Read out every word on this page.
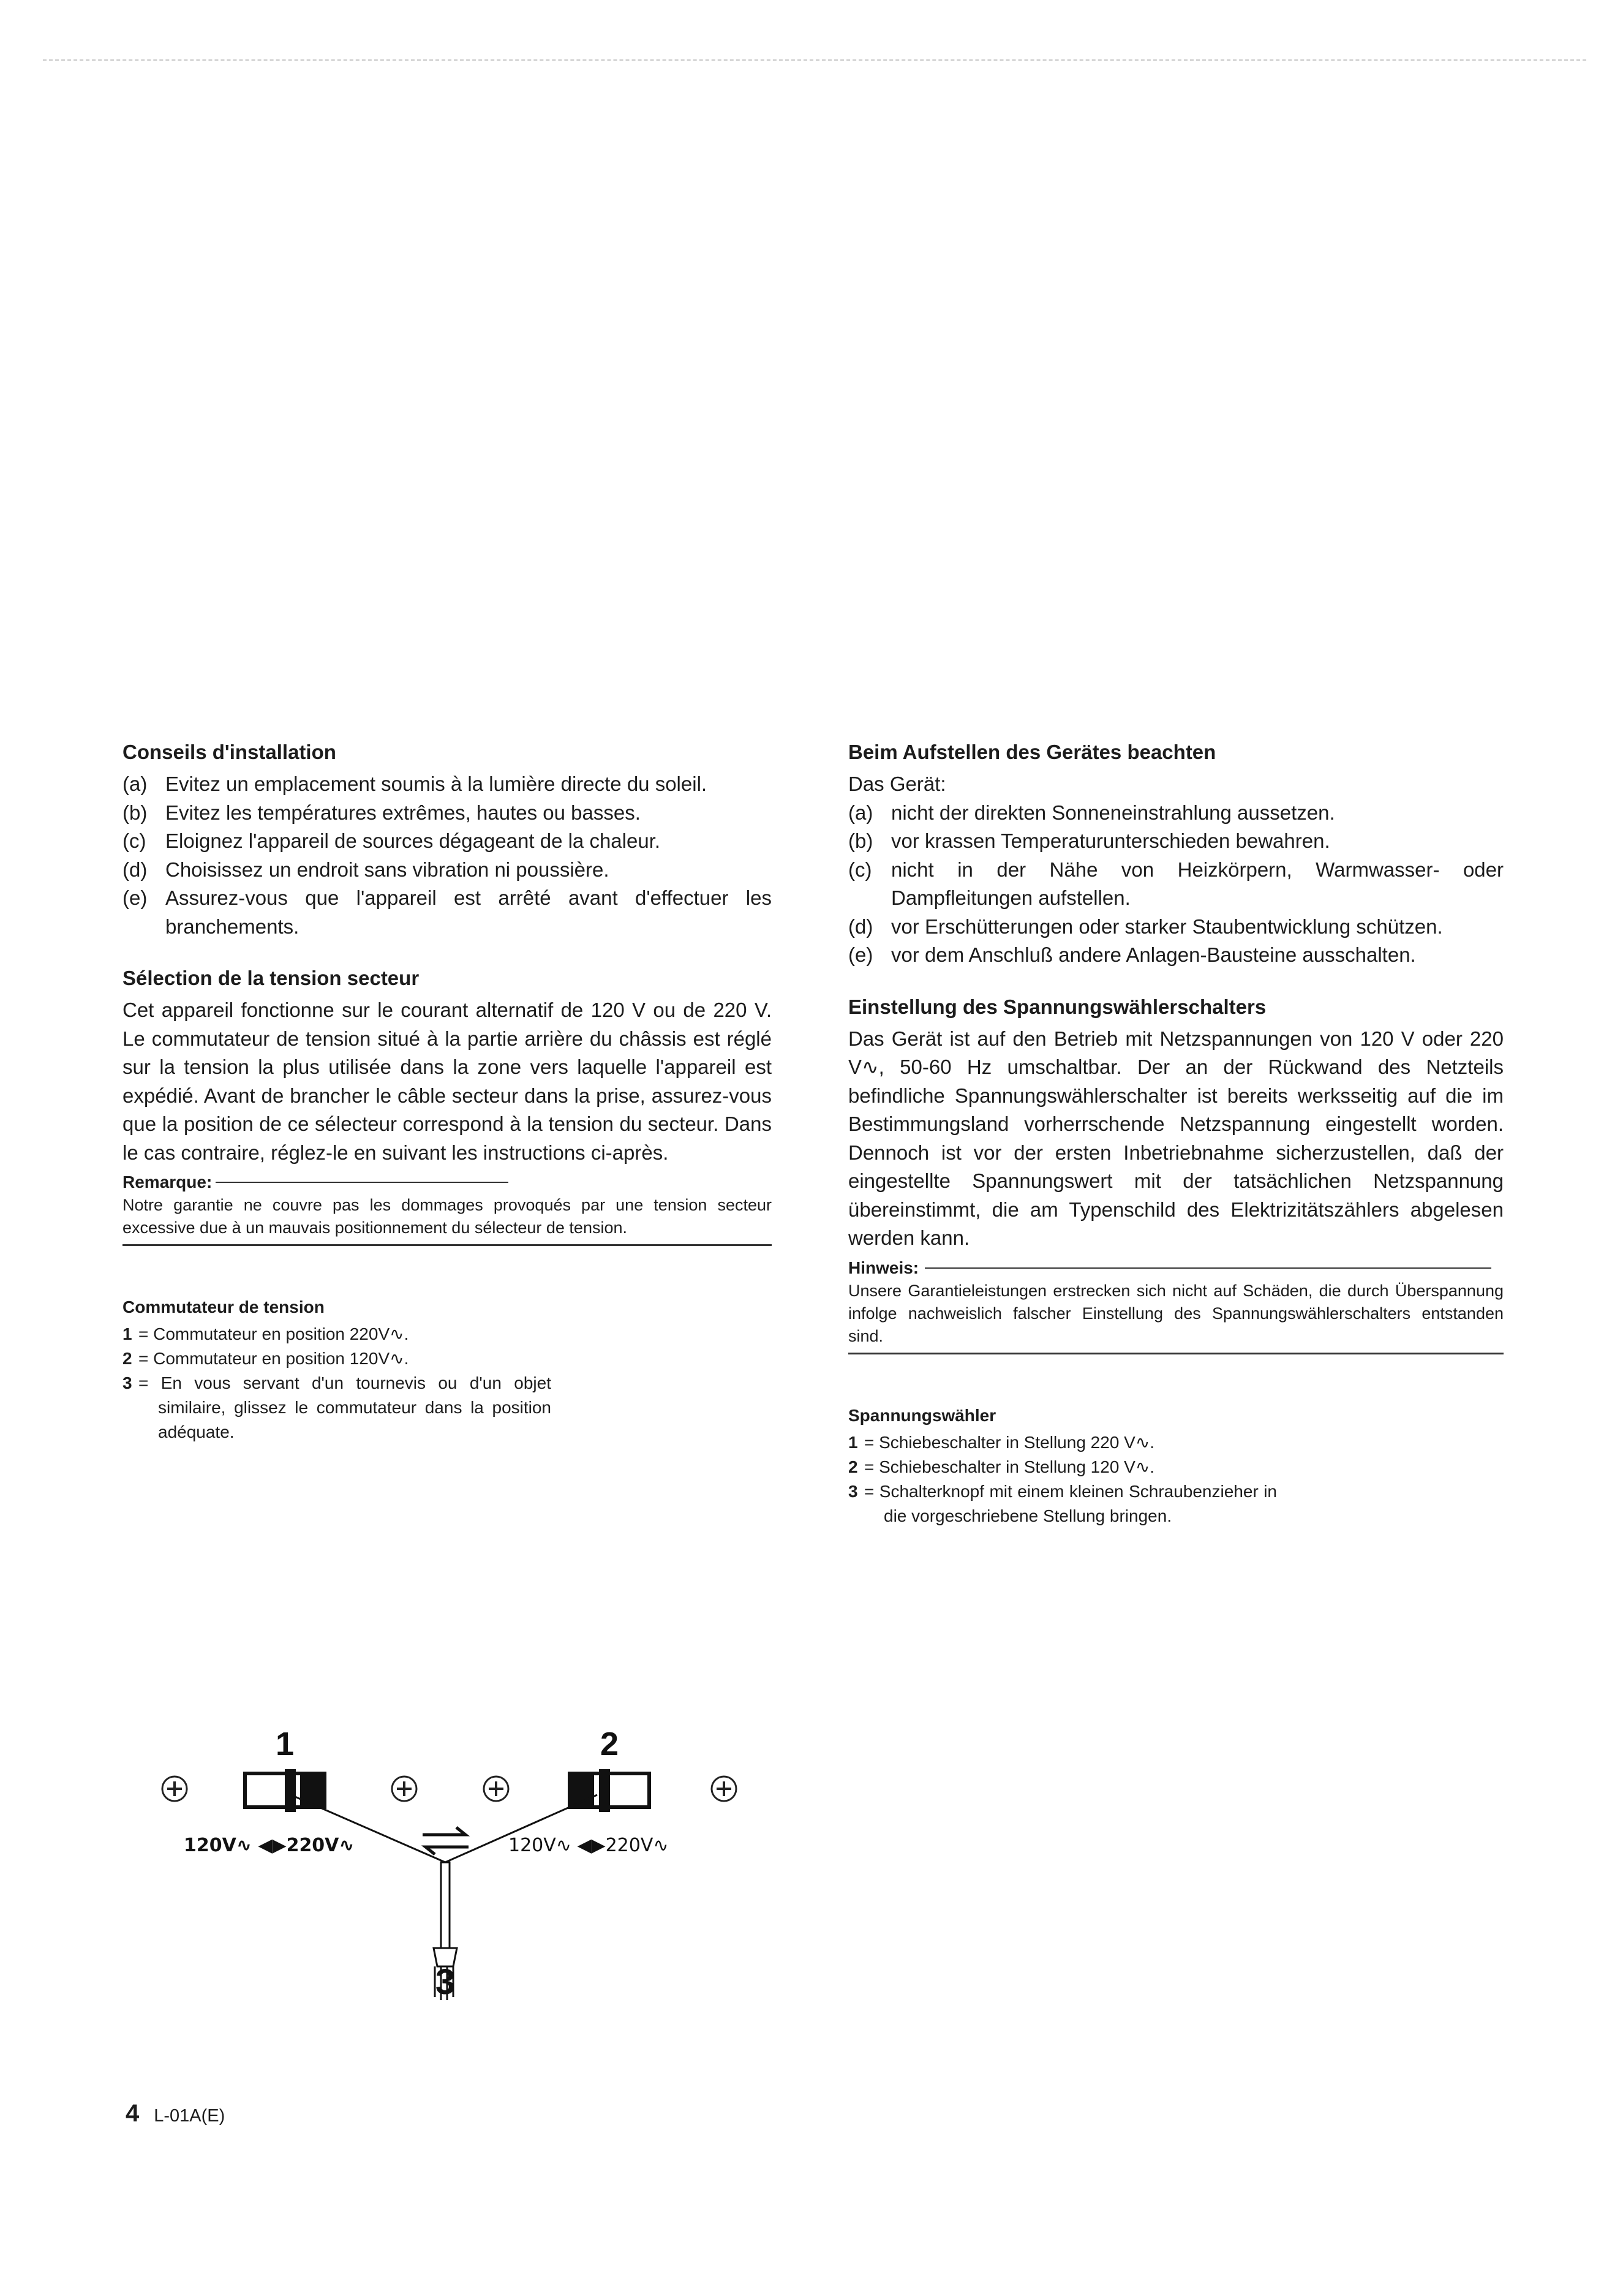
Conseils d'installation
(a) Evitez un emplacement soumis à la lumière directe du soleil.
(b) Evitez les températures extrêmes, hautes ou basses.
(c) Eloignez l'appareil de sources dégageant de la chaleur.
(d) Choisissez un endroit sans vibration ni poussière.
(e) Assurez-vous que l'appareil est arrêté avant d'effectuer les branchements.
Sélection de la tension secteur

Cet appareil fonctionne sur le courant alternatif de 120 V ou de 220 V. Le commutateur de tension situé à la partie arrière du châssis est réglé sur la tension la plus utilisée dans la zone vers laquelle l'appareil est expédié. Avant de brancher le câble secteur dans la prise, assurez-vous que la position de ce sélecteur correspond à la tension du secteur. Dans le cas contraire, réglez-le en suivant les instructions ci-après.

Remarque:

Notre garantie ne couvre pas les dommages provoqués par une tension secteur excessive due à un mauvais positionnement du sélecteur de tension.

Commutateur de tension
1 = Commutateur en position 220V∿.
2 = Commutateur en position 120V∿.
3 = En vous servant d'un tournevis ou d'un objet similaire, glissez le commutateur dans la position adéquate.
Beim Aufstellen des Gerätes beachten

Das Gerät:

(a) nicht der direkten Sonneneinstrahlung aussetzen.
(b) vor krassen Temperaturunterschieden bewahren.
(c) nicht in der Nähe von Heizkörpern, Warmwasser- oder Dampfleitungen aufstellen.
(d) vor Erschütterungen oder starker Staubentwicklung schützen.
(e) vor dem Anschluß andere Anlagen-Bausteine ausschalten.
Einstellung des Spannungswählerschalters

Das Gerät ist auf den Betrieb mit Netzspannungen von 120 V oder 220 V∿, 50-60 Hz umschaltbar. Der an der Rückwand des Netzteils befindliche Spannungswählerschalter ist bereits werksseitig auf die im Bestimmungsland vorherrschende Netzspannung eingestellt worden. Dennoch ist vor der ersten Inbetriebnahme sicherzustellen, daß der eingestellte Spannungswert mit der tatsächlichen Netzspannung übereinstimmt, die am Typenschild des Elektrizitätszählers abgelesen werden kann.

Hinweis:

Unsere Garantieleistungen erstrecken sich nicht auf Schäden, die durch Überspannung infolge nachweislich falscher Einstellung des Spannungswählerschalters entstanden sind.

Spannungswähler
1 = Schiebeschalter in Stellung 220 V∿.
2 = Schiebeschalter in Stellung 120 V∿.
3 = Schalterknopf mit einem kleinen Schraubenzieher in die vorgeschriebene Stellung bringen.
1	2
3
120V∿ ◀▶220V∿	120V∿ ◀▶220V∿
4 L-01A(E)
